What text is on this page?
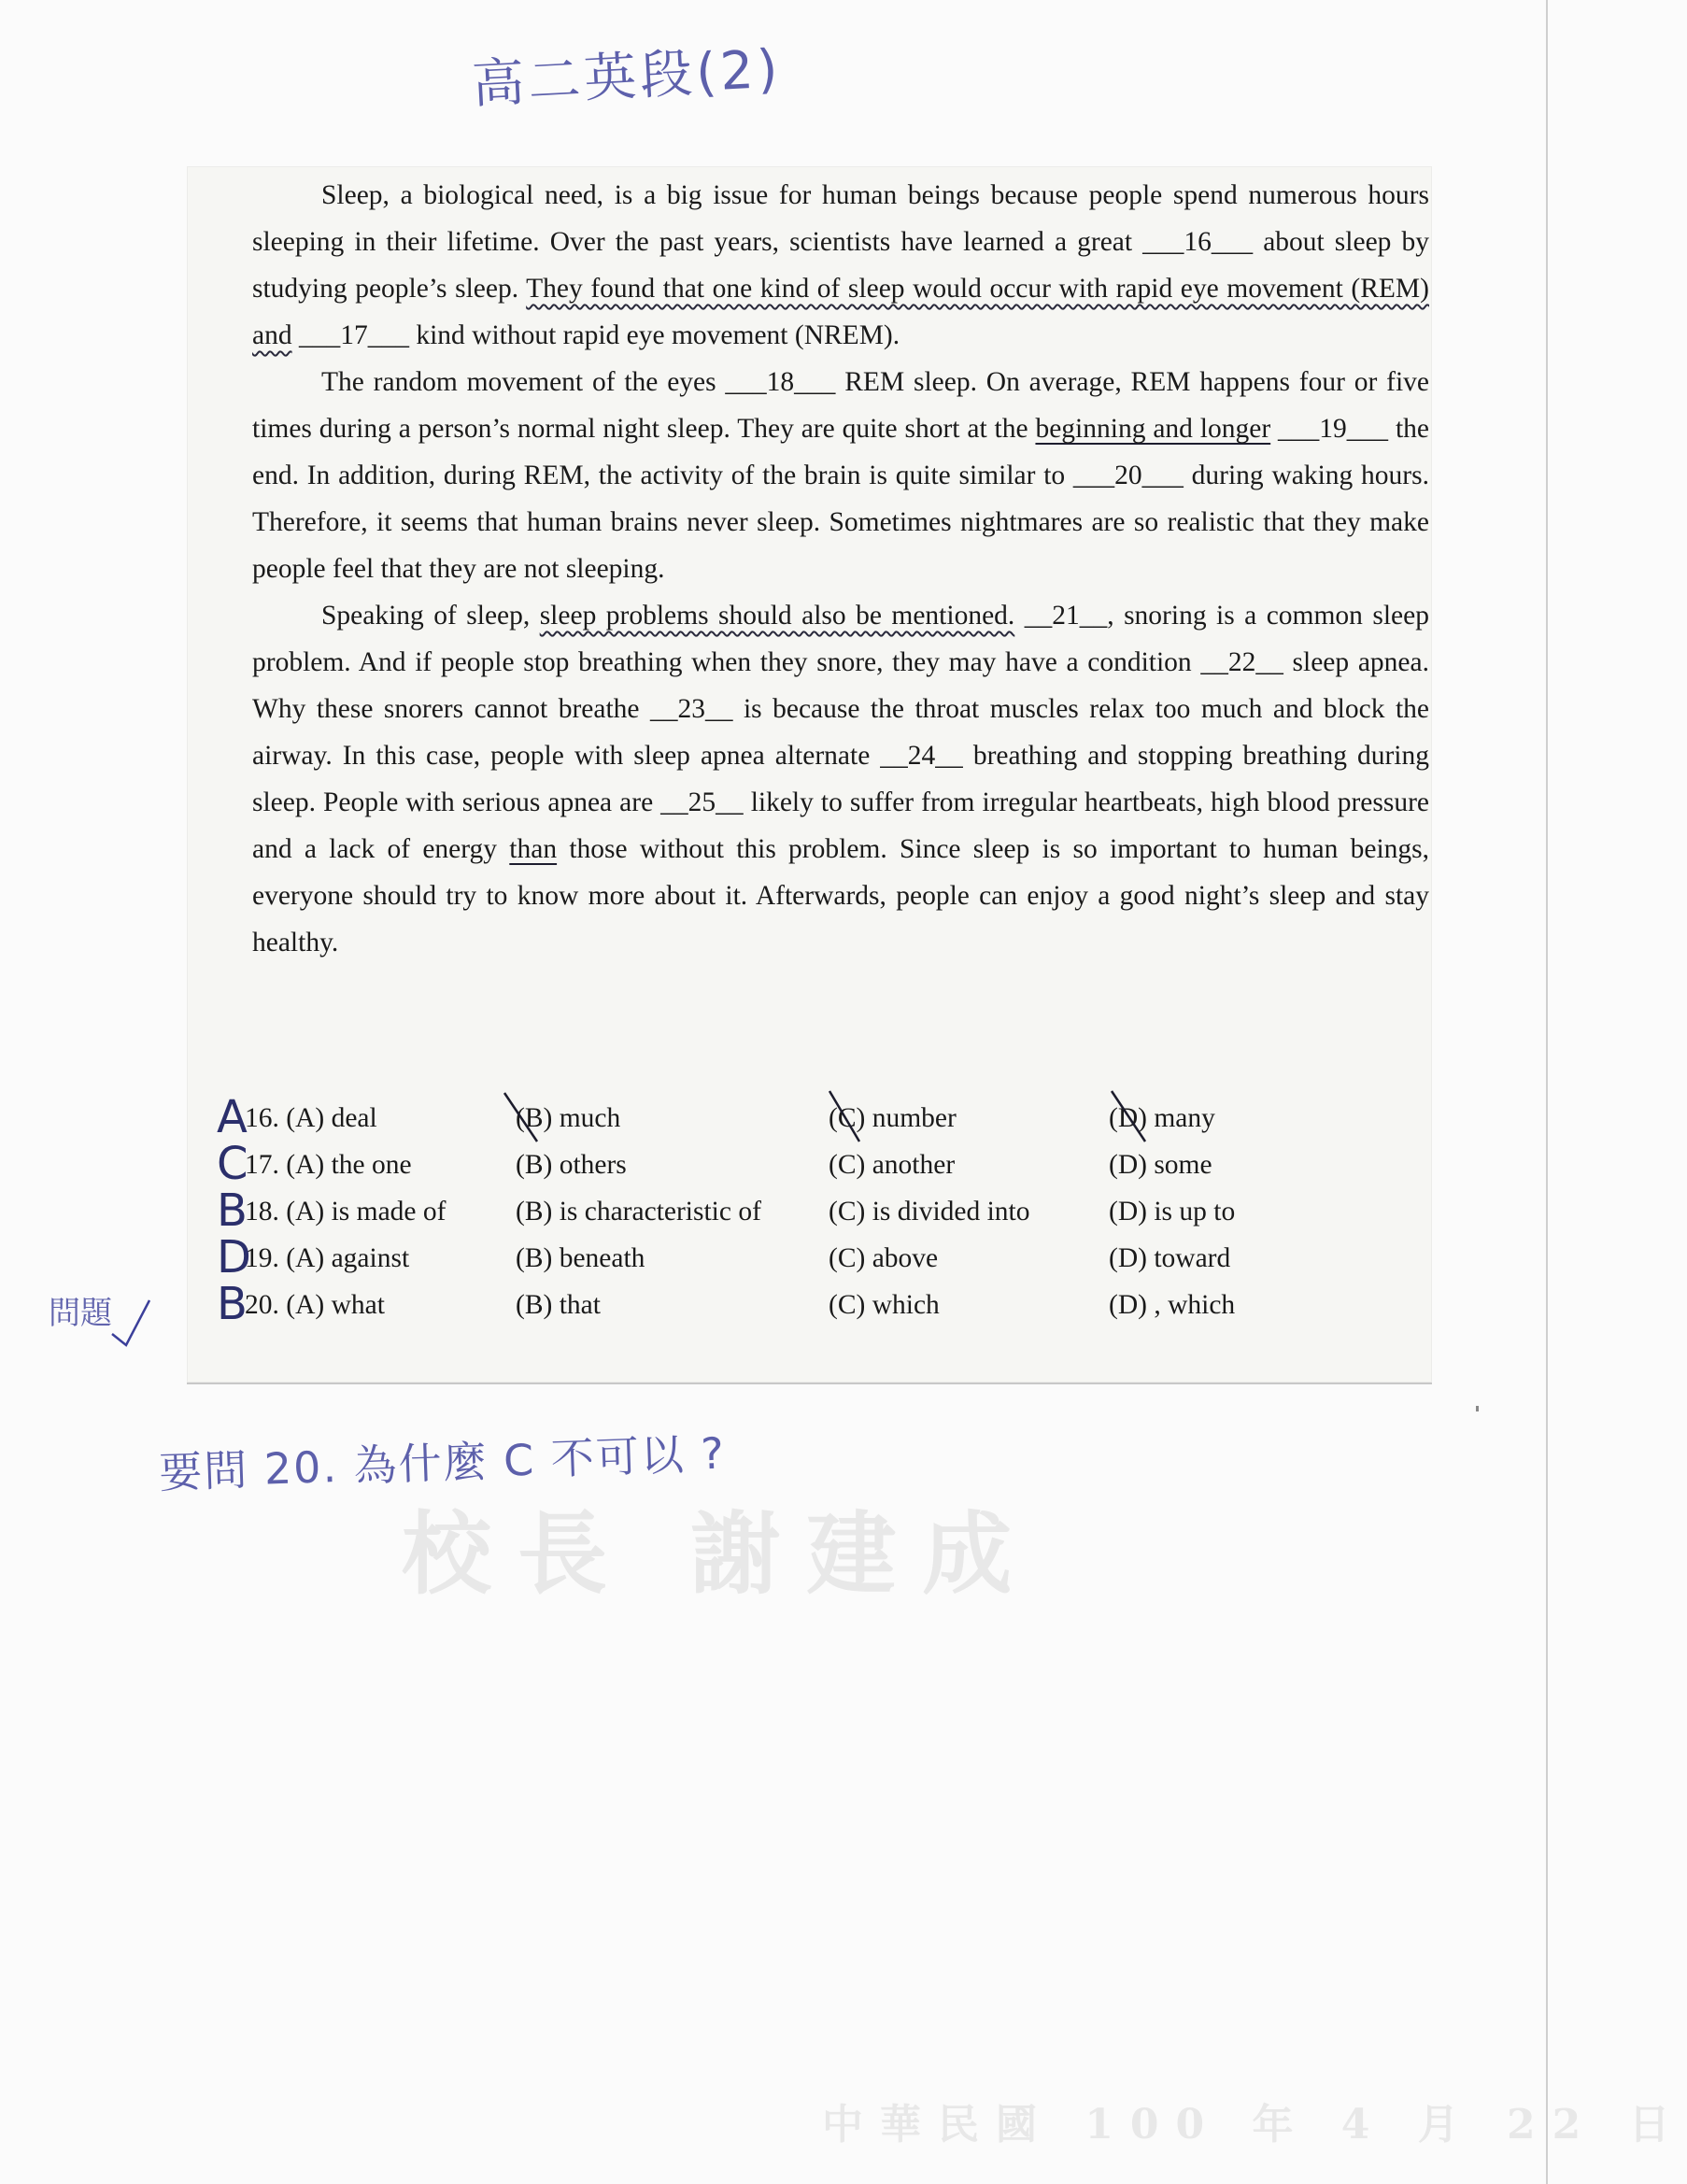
校長 謝建成
中華民國 100 年 4 月 22 日
高二英段(2)

Sleep, a biological need, is a big issue for human beings because people spend numerous hours sleeping in their lifetime. Over the past years, scientists have learned a great ___16___ about sleep by studying people’s sleep. They found that one kind of sleep would occur with rapid eye movement (REM) and ___17___ kind without rapid eye movement (NREM).

The random movement of the eyes ___18___ REM sleep. On average, REM happens four or five times during a person’s normal night sleep. They are quite short at the beginning and longer ___19___ the end. In addition, during REM, the activity of the brain is quite similar to ___20___ during waking hours. Therefore, it seems that human brains never sleep. Sometimes nightmares are so realistic that they make people feel that they are not sleeping.

Speaking of sleep, sleep problems should also be mentioned. __21__, snoring is a common sleep problem. And if people stop breathing when they snore, they may have a condition __22__ sleep apnea. Why these snorers cannot breathe __23__ is because the throat muscles relax too much and block the airway. In this case, people with sleep apnea alternate __24__ breathing and stopping breathing during sleep. People with serious apnea are __25__ likely to suffer from irregular heartbeats, high blood pressure and a lack of energy than those without this problem. Since sleep is so important to human beings, everyone should try to know more about it. Afterwards, people can enjoy a good night’s sleep and stay healthy.

16. (A) deal	(B) much	(C) number	(D) many
17. (A) the one	(B) others	(C) another	(D) some
18. (A) is made of	(B) is characteristic of (C) is divided into	(D) is up to
19. (A) against	(B) beneath	(C) above	(D) toward
20. (A) what	(B) that	(C) which	(D) , which
A
C
B
D
B
問題
要問 20. 為什麼 C 不可以 ?
